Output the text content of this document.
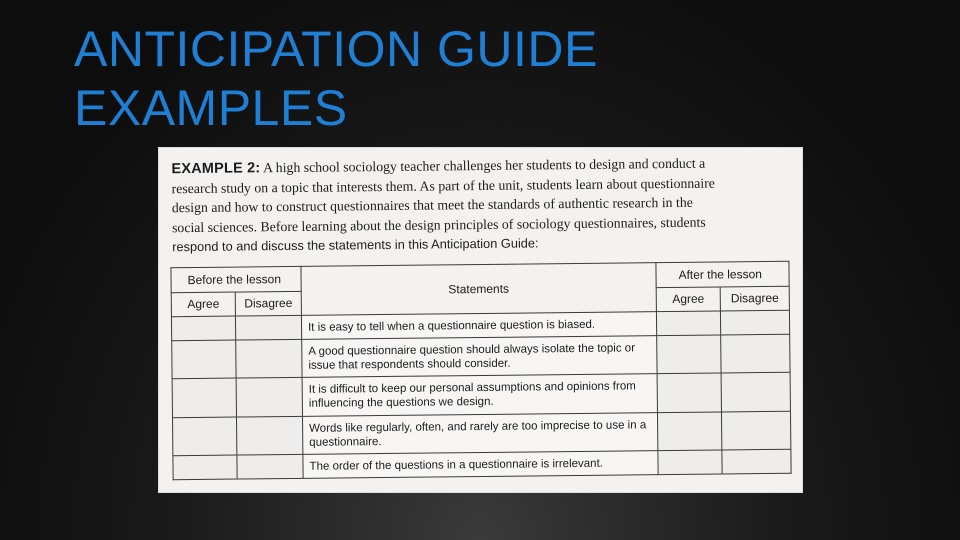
ANTICIPATION GUIDE
EXAMPLES

EXAMPLE 2: A high school sociology teacher challenges her students to design and conduct a
research study on a topic that interests them. As part of the unit, students learn about questionnaire
design and how to construct questionnaires that meet the standards of authentic research in the
social sciences. Before learning about the design principles of sociology questionnaires, students
respond to and discuss the statements in this Anticipation Guide:

Before the lesson		Statements	After the lesson	
Agree	Disagree		Agree	Disagree
		It is easy to tell when a questionnaire question is biased.		
		A good questionnaire question should always isolate the topic or issue that respondents should consider.		
		It is difficult to keep our personal assumptions and opinions from influencing the questions we design.		
		Words like regularly, often, and rarely are too imprecise to use in a questionnaire.		
		The order of the questions in a questionnaire is irrelevant.		
